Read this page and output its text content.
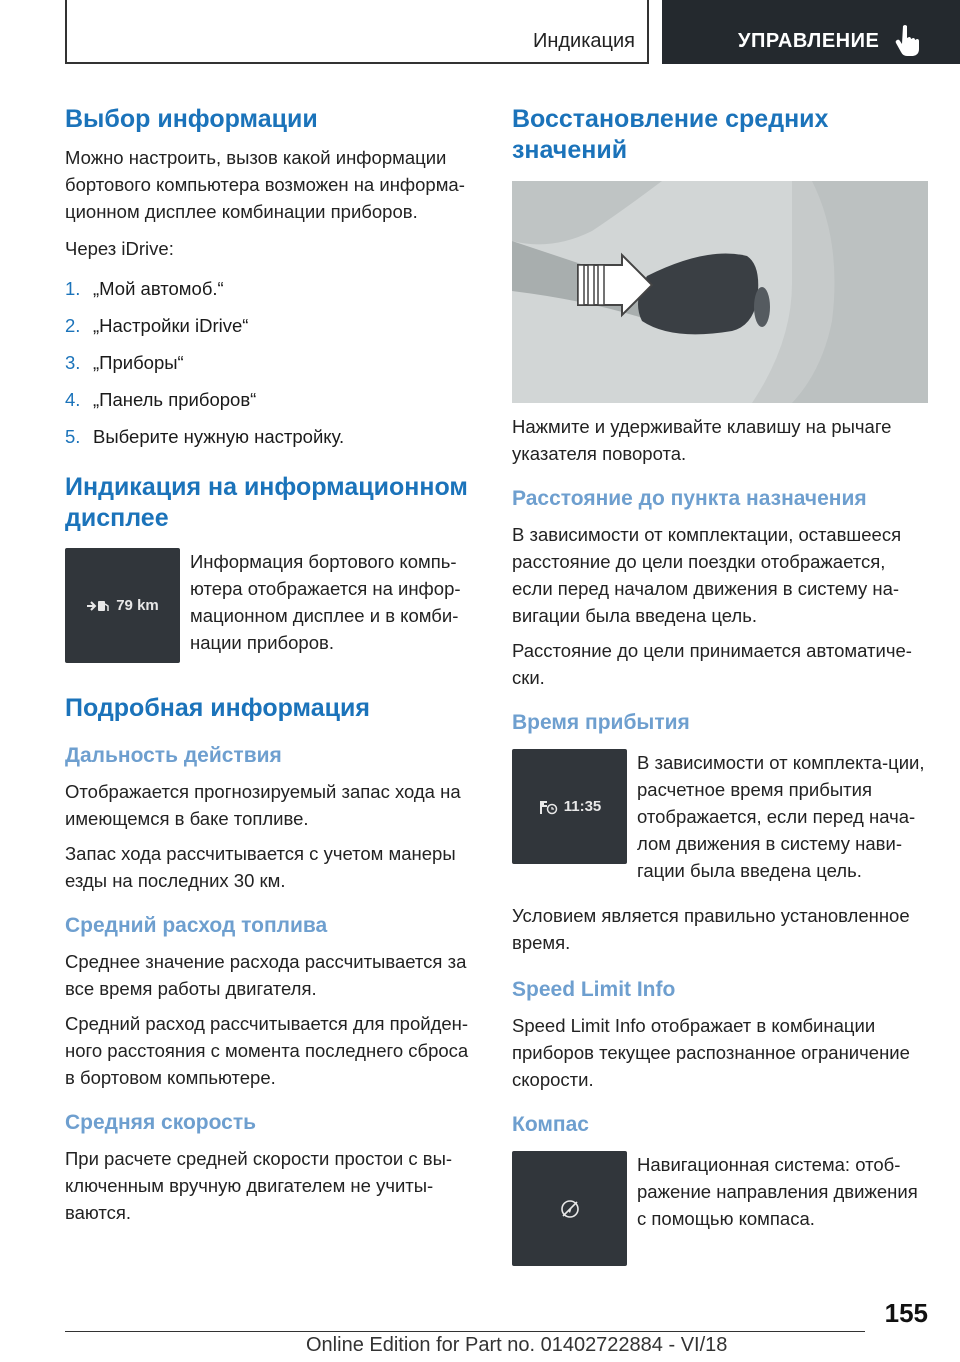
Индикация	УПРАВЛЕНИЕ
Выбор информации

Можно настроить, вызов какой информации бортового компьютера возможен на информа‐ционном дисплее комбинации приборов.

Через iDrive:

1. „Мой автомоб.“
2. „Настройки iDrive“
3. „Приборы“
4. „Панель приборов“
5. Выберите нужную настройку.
Индикация на информационном дисплее
79 km

Информация бортового компь‐ютера отображается на инфор‐мационном дисплее и в комби‐нации приборов.

Подробная информация
Дальность действия

Отображается прогнозируемый запас хода на имеющемся в баке топливе.

Запас хода рассчитывается с учетом манеры езды на последних 30 км.

Средний расход топлива

Среднее значение расхода рассчитывается за все время работы двигателя.

Средний расход рассчитывается для пройден‐ного расстояния с момента последнего сброса в бортовом компьютере.

Средняя скорость

При расчете средней скорости простои с вы‐ключенным вручную двигателем не учиты‐ваются.

Восстановление средних значений

Нажмите и удерживайте клавишу на рычаге указателя поворота.

Расстояние до пункта назначения

В зависимости от комплектации, оставшееся расстояние до цели поездки отображается, если перед началом движения в систему на‐вигации была введена цель.

Расстояние до цели принимается автоматиче‐ски.

Время прибытия
11:35

В зависимости от комплекта‐ции, расчетное время прибытия отображается, если перед нача‐лом движения в систему нави‐гации была введена цель.

Условием является правильно установленное время.

Speed Limit Info

Speed Limit Info отображает в комбинации приборов текущее распознанное ограничение скорости.

Компас

Навигационная система: отоб‐ражение направления движения с помощью компаса.

155
Online Edition for Part no. 01402722884 - VI/18
